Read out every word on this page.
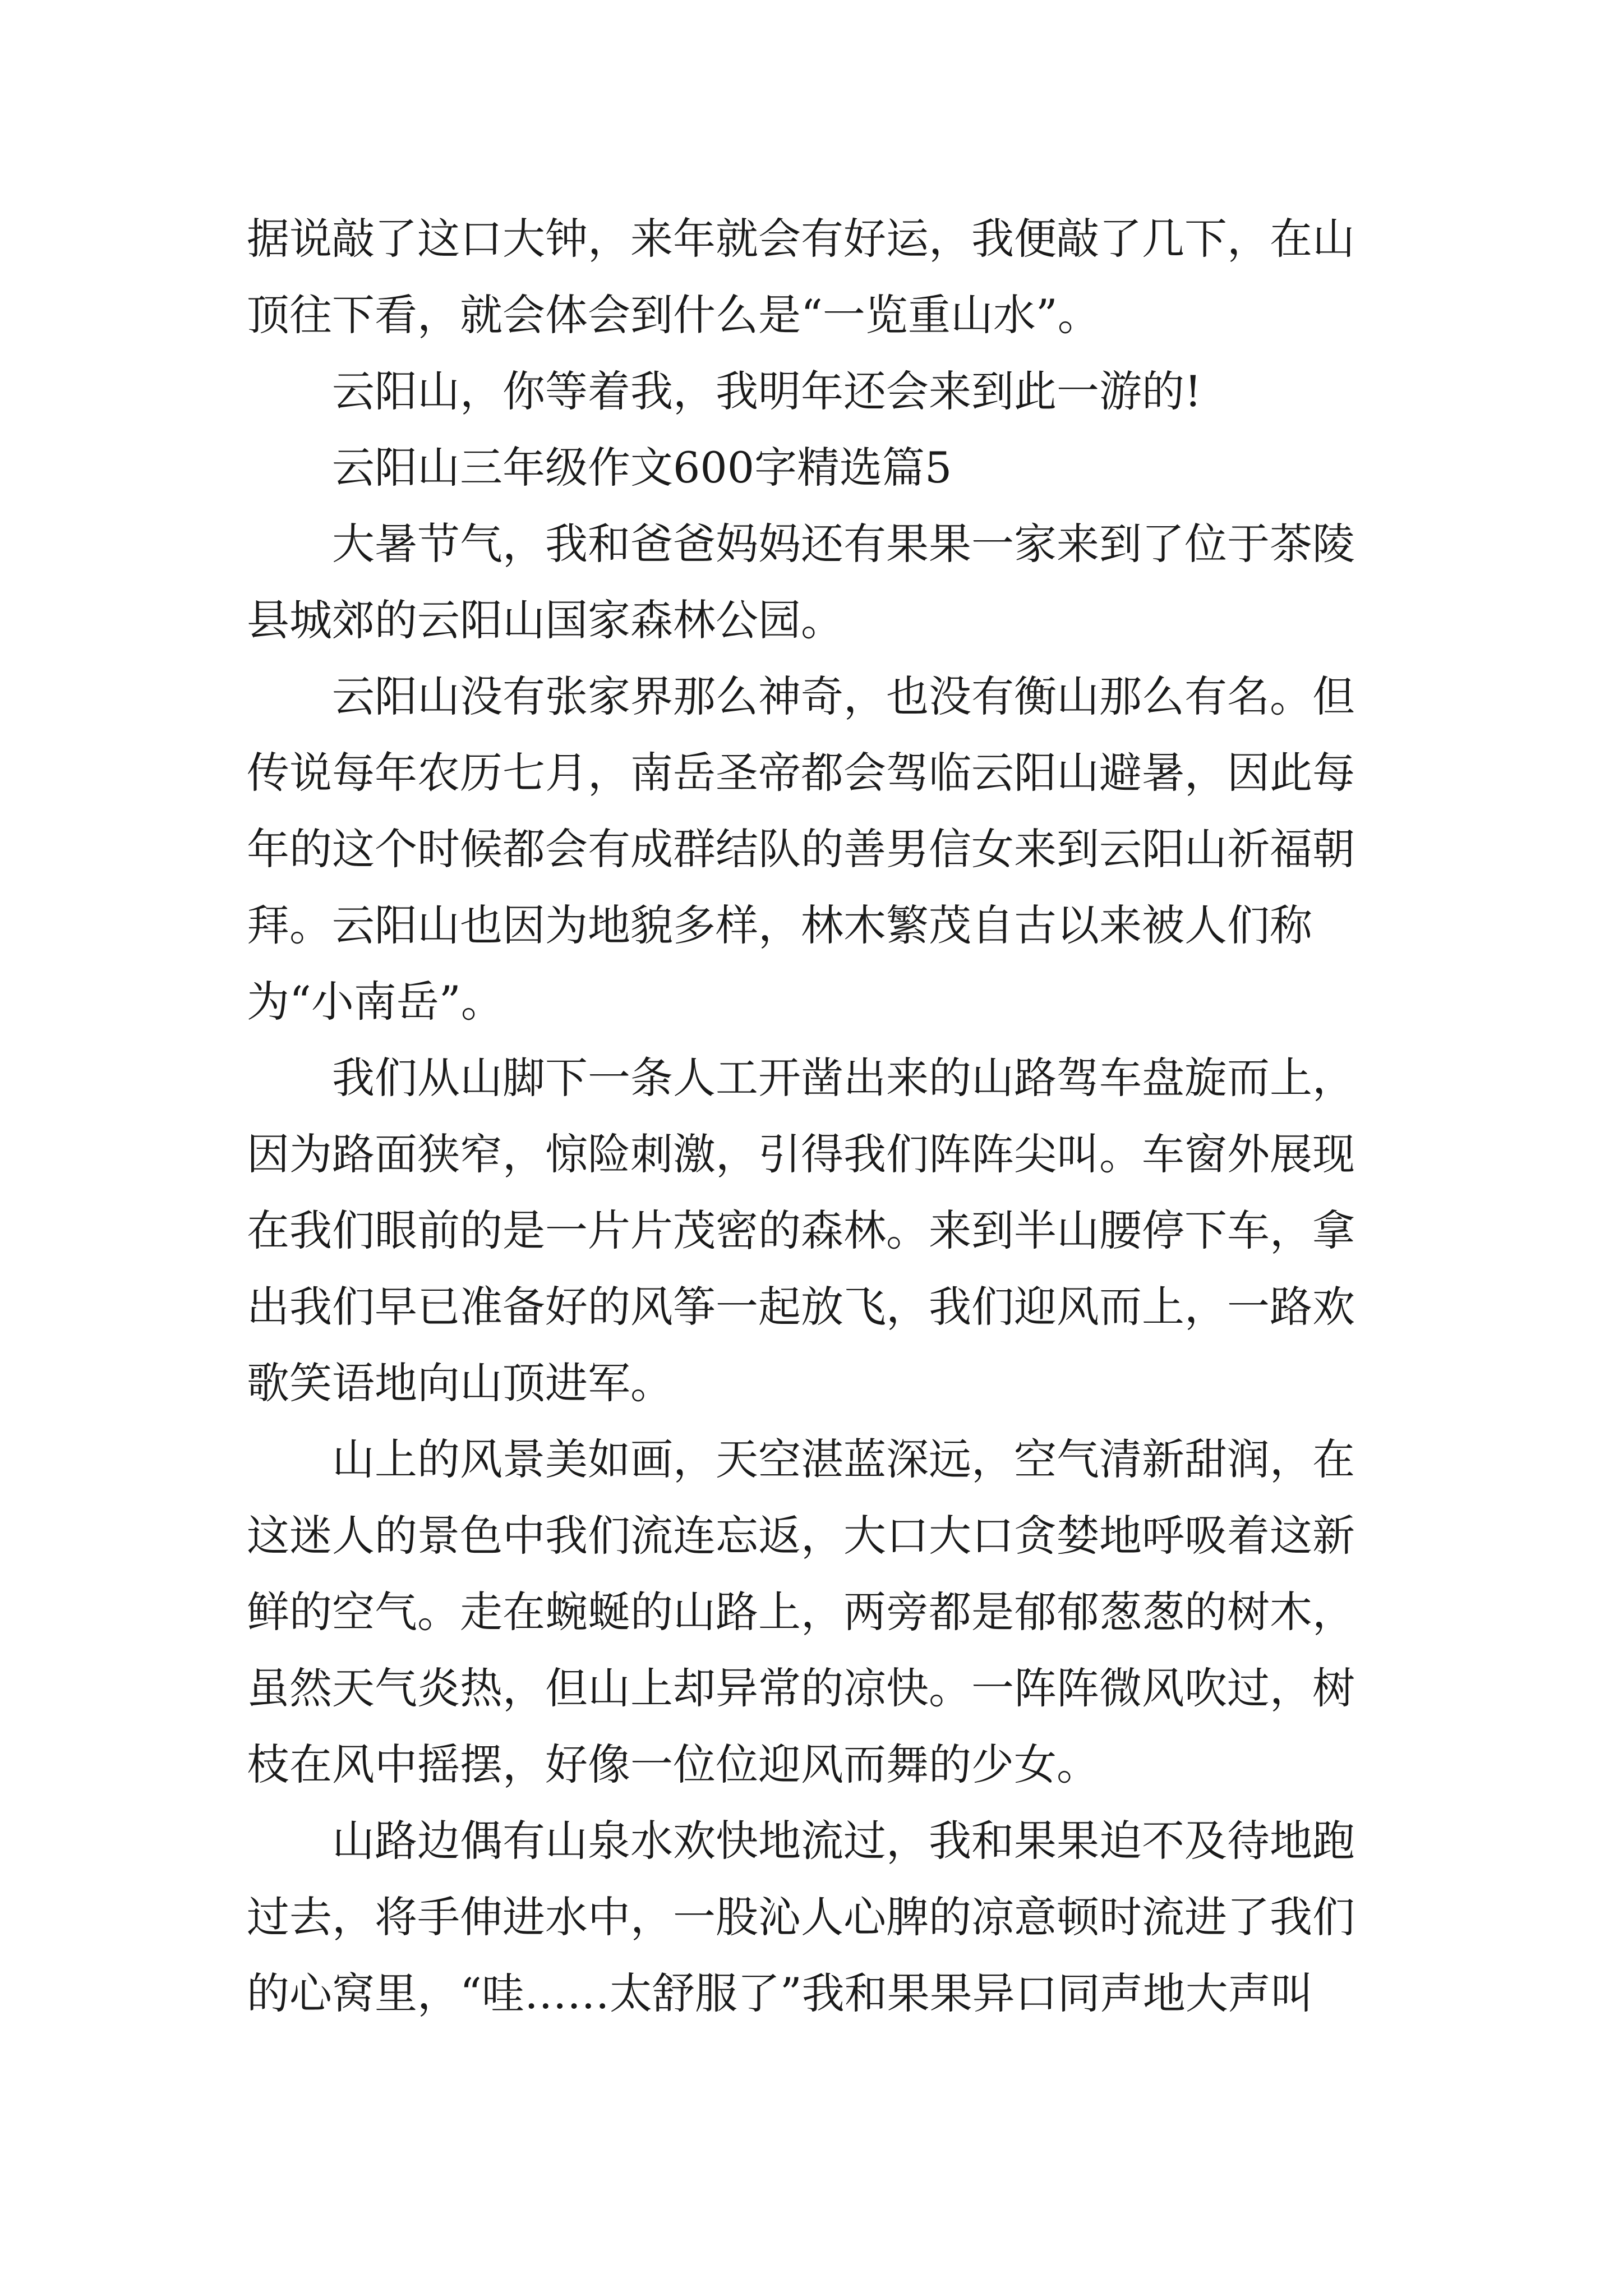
据说敲了这口大钟，来年就会有好运，我便敲了几下，在山顶往下看，就会体会到什么是“一览重山水”。

云阳山，你等着我，我明年还会来到此一游的!

云阳山三年级作文600字精选篇5

大暑节气，我和爸爸妈妈还有果果一家来到了位于茶陵县城郊的云阳山国家森林公园。

云阳山没有张家界那么神奇，也没有衡山那么有名。但传说每年农历七月，南岳圣帝都会驾临云阳山避暑，因此每年的这个时候都会有成群结队的善男信女来到云阳山祈福朝拜。云阳山也因为地貌多样，林木繁茂自古以来被人们称为“小南岳”。

我们从山脚下一条人工开凿出来的山路驾车盘旋而上，因为路面狭窄，惊险刺激，引得我们阵阵尖叫。车窗外展现在我们眼前的是一片片茂密的森林。来到半山腰停下车，拿出我们早已准备好的风筝一起放飞，我们迎风而上，一路欢歌笑语地向山顶进军。

山上的风景美如画，天空湛蓝深远，空气清新甜润，在这迷人的景色中我们流连忘返，大口大口贪婪地呼吸着这新鲜的空气。走在蜿蜒的山路上，两旁都是郁郁葱葱的树木，虽然天气炎热，但山上却异常的凉快。一阵阵微风吹过，树枝在风中摇摆，好像一位位迎风而舞的少女。

山路边偶有山泉水欢快地流过，我和果果迫不及待地跑过去，将手伸进水中，一股沁人心脾的凉意顿时流进了我们的心窝里，“哇……太舒服了”我和果果异口同声地大声叫
